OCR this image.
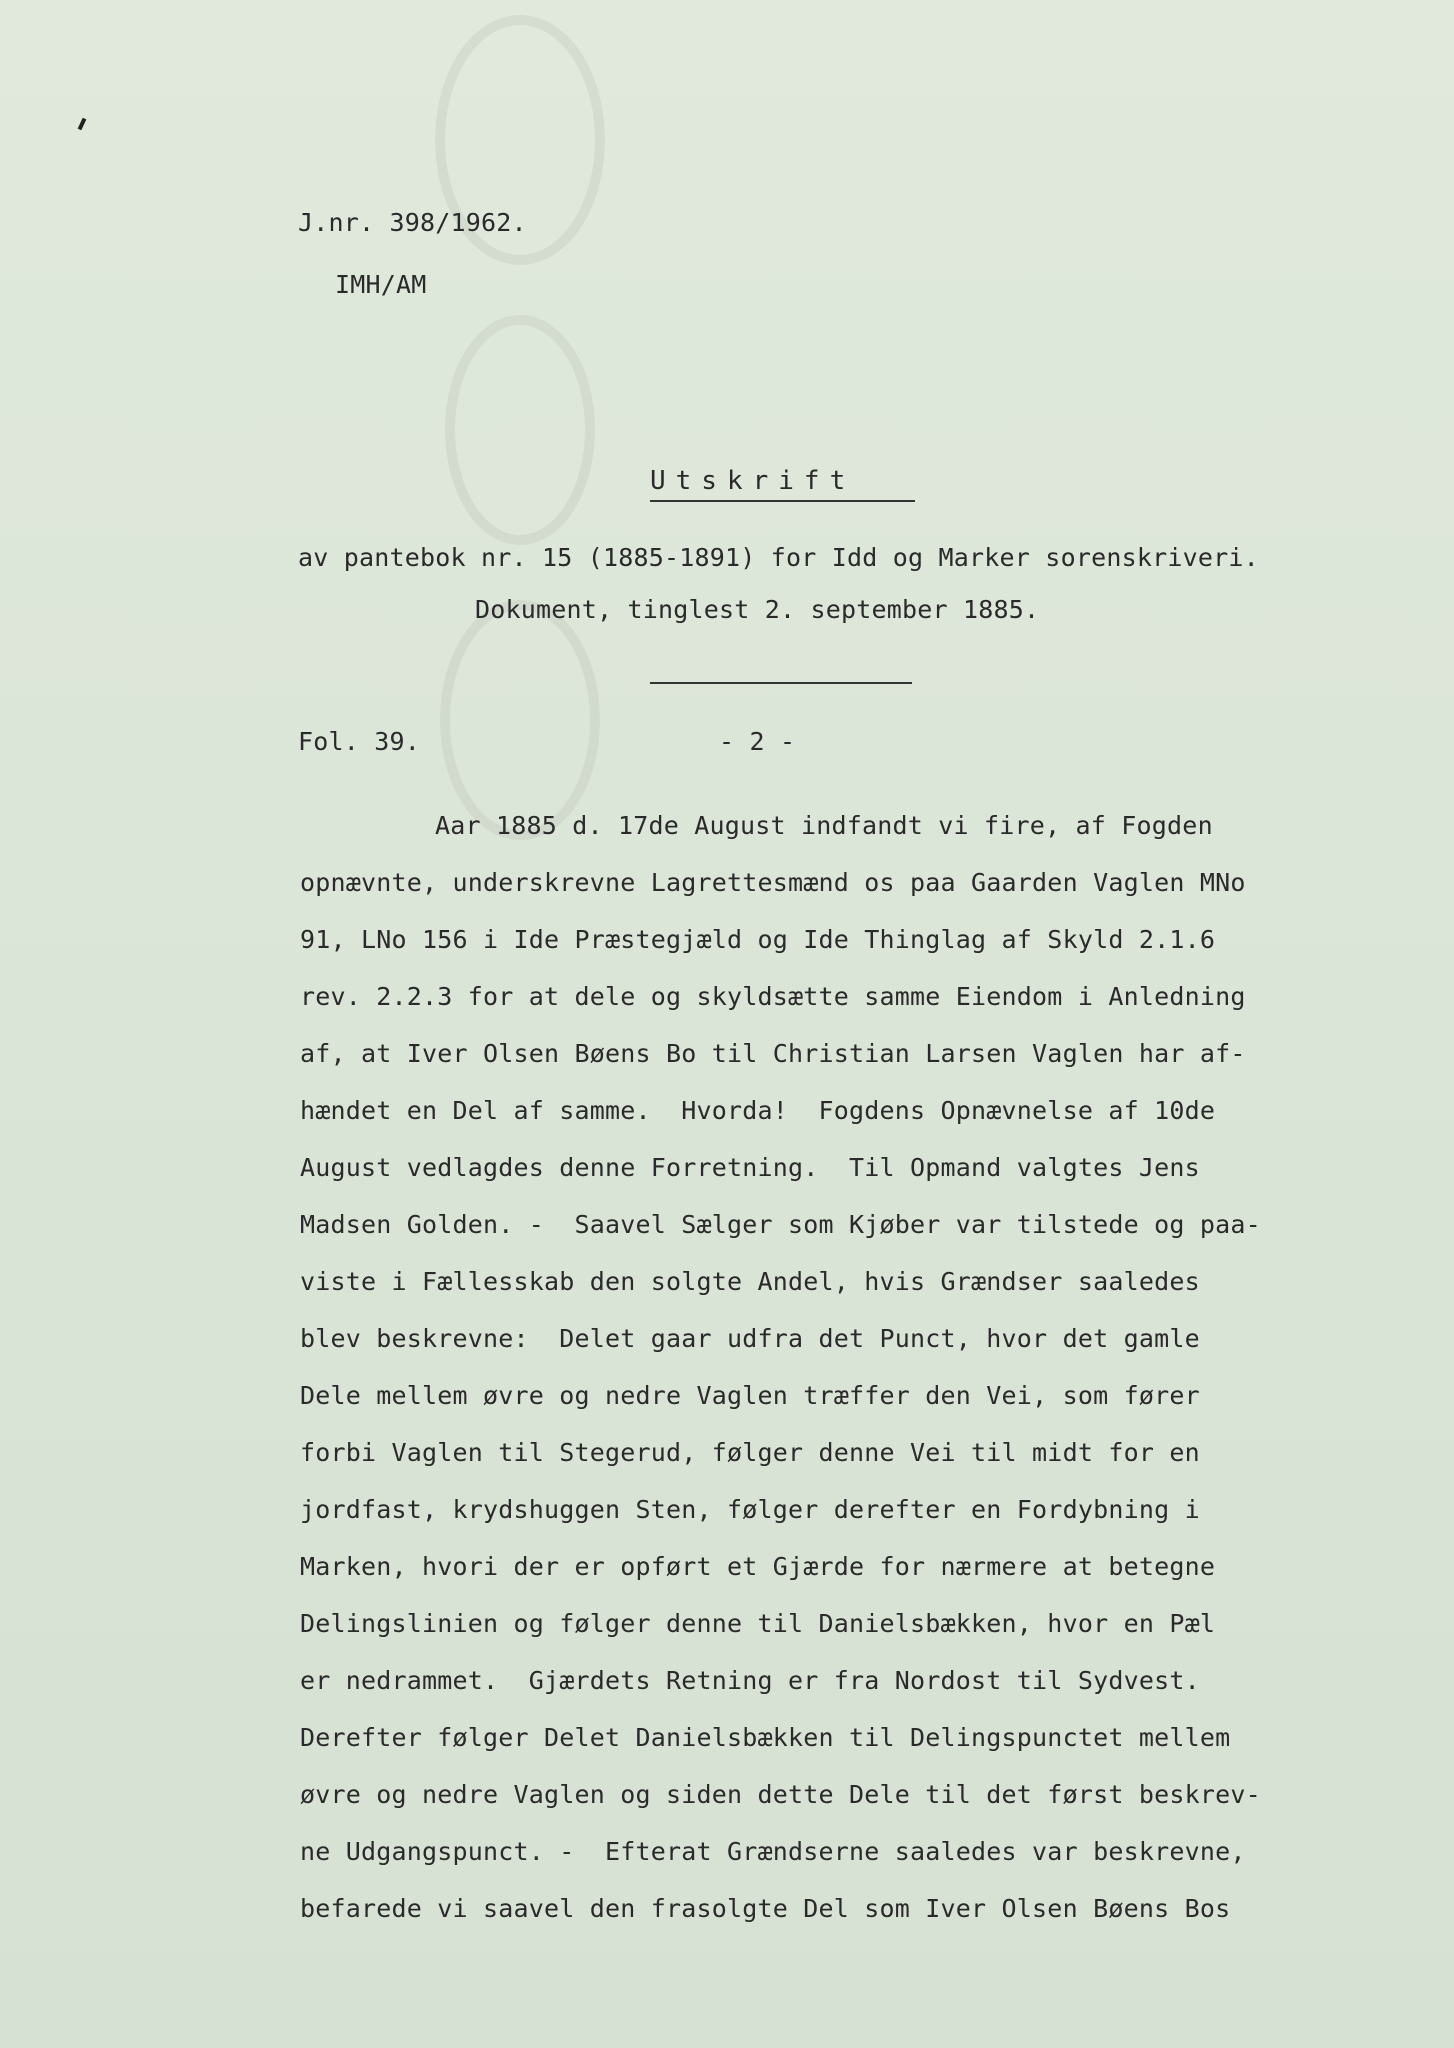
J.nr. 398/1962.
IMH/AM
Utskrift
av pantebok nr. 15 (1885-1891) for Idd og Marker sorenskriveri.
Dokument, tinglest 2. september 1885.
Fol. 39.	- 2 -
Aar 1885 d. 17de August indfandt vi fire, af Fogden
opnævnte, underskrevne Lagrettesmænd os paa Gaarden Vaglen MNo
91, LNo 156 i Ide Præstegjæld og Ide Thinglag af Skyld 2.1.6
rev. 2.2.3 for at dele og skyldsætte samme Eiendom i Anledning
af, at Iver Olsen Bøens Bo til Christian Larsen Vaglen har af-
hændet en Del af samme.  Hvorda!  Fogdens Opnævnelse af 10de
August vedlagdes denne Forretning.  Til Opmand valgtes Jens
Madsen Golden. -  Saavel Sælger som Kjøber var tilstede og paa-
viste i Fællesskab den solgte Andel, hvis Grændser saaledes
blev beskrevne:  Delet gaar udfra det Punct, hvor det gamle
Dele mellem øvre og nedre Vaglen træffer den Vei, som fører
forbi Vaglen til Stegerud, følger denne Vei til midt for en
jordfast, krydshuggen Sten, følger derefter en Fordybning i
Marken, hvori der er opført et Gjærde for nærmere at betegne
Delingslinien og følger denne til Danielsbækken, hvor en Pæl
er nedrammet.  Gjærdets Retning er fra Nordost til Sydvest.
Derefter følger Delet Danielsbækken til Delingspunctet mellem
øvre og nedre Vaglen og siden dette Dele til det først beskrev-
ne Udgangspunct. -  Efterat Grændserne saaledes var beskrevne,
befarede vi saavel den frasolgte Del som Iver Olsen Bøens Bos
